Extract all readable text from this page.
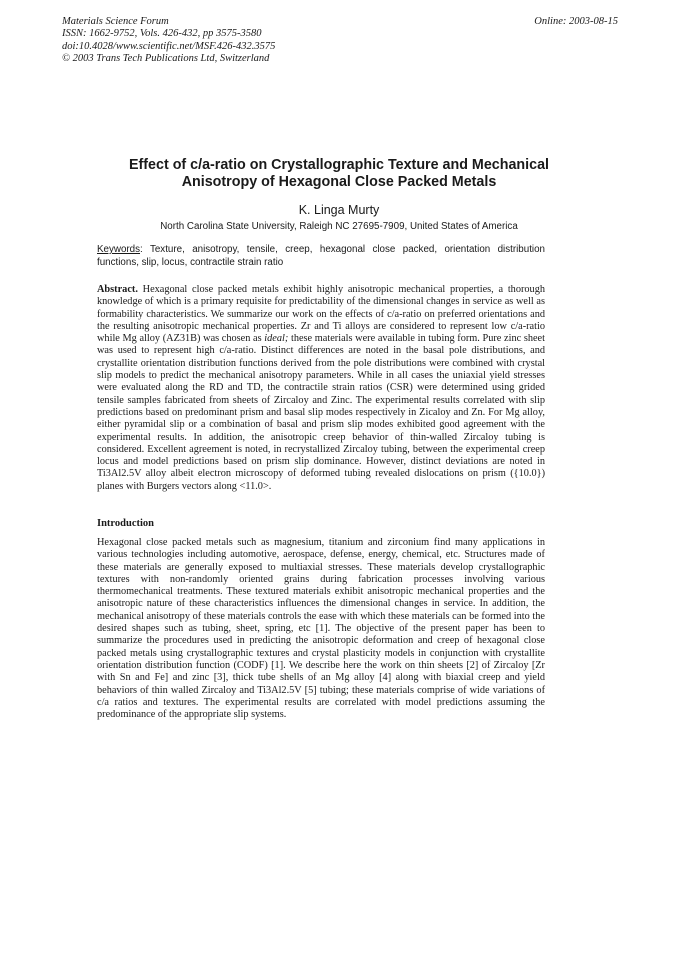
Materials Science Forum
ISSN: 1662-9752, Vols. 426-432, pp 3575-3580
doi:10.4028/www.scientific.net/MSF.426-432.3575
© 2003 Trans Tech Publications Ltd, Switzerland
Online: 2003-08-15
Effect of c/a-ratio on Crystallographic Texture and Mechanical
Anisotropy of Hexagonal Close Packed Metals
K. Linga Murty
North Carolina State University, Raleigh NC 27695-7909, United States of America
Keywords: Texture, anisotropy, tensile, creep, hexagonal close packed, orientation distribution functions, slip, locus, contractile strain ratio
Abstract. Hexagonal close packed metals exhibit highly anisotropic mechanical properties, a thorough knowledge of which is a primary requisite for predictability of the dimensional changes in service as well as formability characteristics. We summarize our work on the effects of c/a-ratio on preferred orientations and the resulting anisotropic mechanical properties. Zr and Ti alloys are considered to represent low c/a-ratio while Mg alloy (AZ31B) was chosen as ideal; these materials were available in tubing form. Pure zinc sheet was used to represent high c/a-ratio. Distinct differences are noted in the basal pole distributions, and crystallite orientation distribution functions derived from the pole distributions were combined with crystal slip models to predict the mechanical anisotropy parameters. While in all cases the uniaxial yield stresses were evaluated along the RD and TD, the contractile strain ratios (CSR) were determined using grided tensile samples fabricated from sheets of Zircaloy and Zinc. The experimental results correlated with slip predictions based on predominant prism and basal slip modes respectively in Zicaloy and Zn. For Mg alloy, either pyramidal slip or a combination of basal and prism slip modes exhibited good agreement with the experimental results. In addition, the anisotropic creep behavior of thin-walled Zircaloy tubing is considered. Excellent agreement is noted, in recrystallized Zircaloy tubing, between the experimental creep locus and model predictions based on prism slip dominance. However, distinct deviations are noted in Ti3Al2.5V alloy albeit electron microscopy of deformed tubing revealed dislocations on prism ({10.0}) planes with Burgers vectors along <11.0>.
Introduction
Hexagonal close packed metals such as magnesium, titanium and zirconium find many applications in various technologies including automotive, aerospace, defense, energy, chemical, etc. Structures made of these materials are generally exposed to multiaxial stresses. These materials develop crystallographic textures with non-randomly oriented grains during fabrication processes involving various thermomechanical treatments. These textured materials exhibit anisotropic mechanical properties and the anisotropic nature of these characteristics influences the dimensional changes in service. In addition, the mechanical anisotropy of these materials controls the ease with which these materials can be formed into the desired shapes such as tubing, sheet, spring, etc [1]. The objective of the present paper has been to summarize the procedures used in predicting the anisotropic deformation and creep of hexagonal close packed metals using crystallographic textures and crystal plasticity models in conjunction with crystallite orientation distribution function (CODF) [1]. We describe here the work on thin sheets [2] of Zircaloy [Zr with Sn and Fe] and zinc [3], thick tube shells of an Mg alloy [4] along with biaxial creep and yield behaviors of thin walled Zircaloy and Ti3Al2.5V [5] tubing; these materials comprise of wide variations of c/a ratios and textures. The experimental results are correlated with model predictions assuming the predominance of the appropriate slip systems.
